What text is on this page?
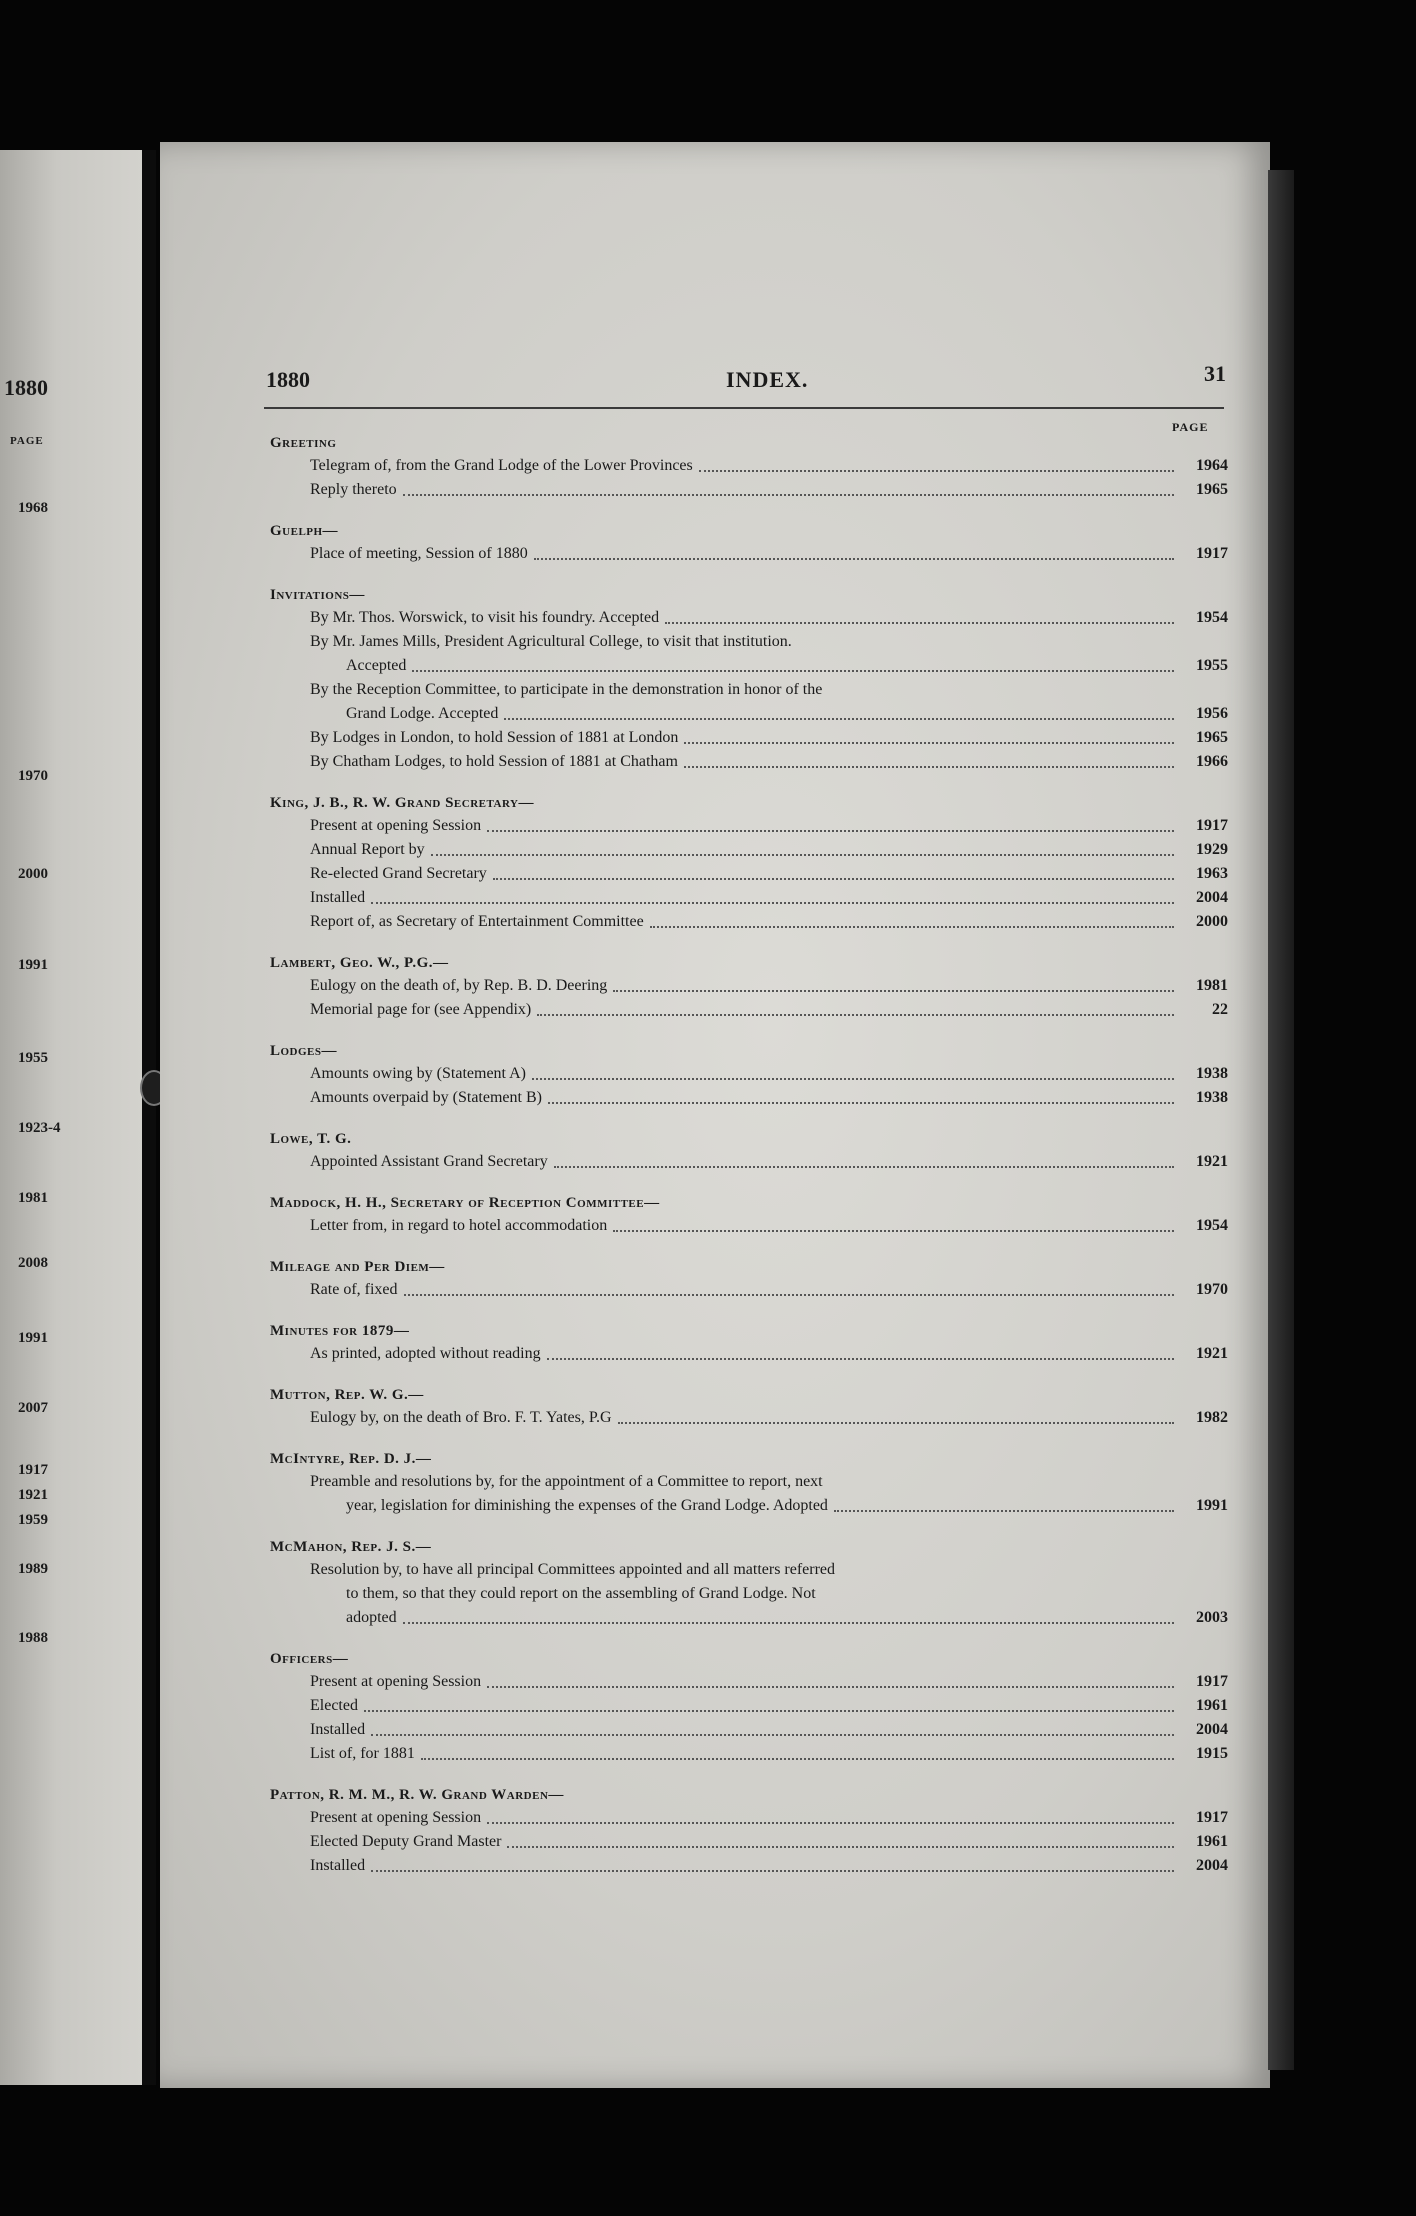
1880
PAGE
1968
1970
2000
1991
1955
1923-4
1981
2008
1991
2007
1917
1921
1959
1989
1988
1880	INDEX.	31
PAGE
Greeting
Telegram of, from the Grand Lodge of the Lower Provinces	1964
Reply thereto	1965
Guelph—
Place of meeting, Session of 1880	1917
Invitations—
By Mr. Thos. Worswick, to visit his foundry. Accepted	1954
By Mr. James Mills, President Agricultural College, to visit that institution.
Accepted	1955
By the Reception Committee, to participate in the demonstration in honor of the
Grand Lodge. Accepted	1956
By Lodges in London, to hold Session of 1881 at London	1965
By Chatham Lodges, to hold Session of 1881 at Chatham	1966
King, J. B., R. W. Grand Secretary—
Present at opening Session	1917
Annual Report by	1929
Re-elected Grand Secretary	1963
Installed	2004
Report of, as Secretary of Entertainment Committee	2000
Lambert, Geo. W., P.G.—
Eulogy on the death of, by Rep. B. D. Deering	1981
Memorial page for (see Appendix)	22
Lodges—
Amounts owing by (Statement A)	1938
Amounts overpaid by (Statement B)	1938
Lowe, T. G.
Appointed Assistant Grand Secretary	1921
Maddock, H. H., Secretary of Reception Committee—
Letter from, in regard to hotel accommodation	1954
Mileage and Per Diem—
Rate of, fixed	1970
Minutes for 1879—
As printed, adopted without reading	1921
Mutton, Rep. W. G.—
Eulogy by, on the death of Bro. F. T. Yates, P.G	1982
McIntyre, Rep. D. J.—
Preamble and resolutions by, for the appointment of a Committee to report, next
year, legislation for diminishing the expenses of the Grand Lodge. Adopted	1991
McMahon, Rep. J. S.—
Resolution by, to have all principal Committees appointed and all matters referred
to them, so that they could report on the assembling of Grand Lodge. Not
adopted	2003
Officers—
Present at opening Session	1917
Elected	1961
Installed	2004
List of, for 1881	1915
Patton, R. M. M., R. W. Grand Warden—
Present at opening Session	1917
Elected Deputy Grand Master	1961
Installed	2004
